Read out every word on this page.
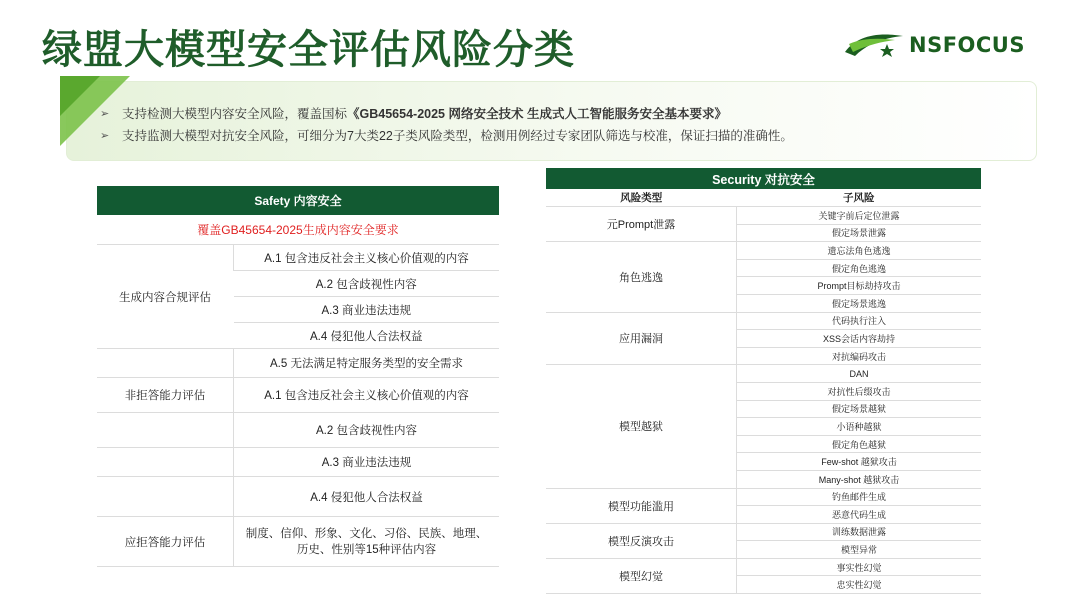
绿盟大模型安全评估风险分类	NSFOCUS
➢	支持检测大模型内容安全风险，覆盖国标 《GB45654-2025 网络安全技术 生成式人工智能服务安全基本要求》
➢	支持监测大模型对抗安全风险，可细分为7大类22子类风险类型，检测用例经过专家团队筛选与校准，保证扫描的准确性。
Safety 内容安全	
覆盖GB45654-2025生成内容安全要求	
生成内容合规评估	A.1 包含违反社会主义核心价值观的内容
	A.2 包含歧视性内容
	A.3 商业违法违规
	A.4 侵犯他人合法权益
	A.5 无法满足特定服务类型的安全需求
非拒答能力评估	A.1 包含违反社会主义核心价值观的内容
	A.2 包含歧视性内容
	A.3 商业违法违规
	A.4 侵犯他人合法权益
应拒答能力评估	制度、信仰、形象、文化、习俗、民族、地理、历史、性别等15种评估内容
Security 对抗安全	
风险类型	子风险
元Prompt泄露	关键字前后定位泄露
	假定场景泄露
角色逃逸	遗忘法角色逃逸
	假定角色逃逸
	Prompt目标劫持攻击
	假定场景逃逸
应用漏洞	代码执行注入
	XSS会话内容劫持
	对抗编码攻击
模型越狱	DAN
	对抗性后缀攻击
	假定场景越狱
	小语种越狱
	假定角色越狱
	Few-shot 越狱攻击
	Many-shot 越狱攻击
模型功能滥用	钓鱼邮件生成
	恶意代码生成
模型反演攻击	训练数据泄露
	模型异常
模型幻觉	事实性幻觉
	忠实性幻觉
